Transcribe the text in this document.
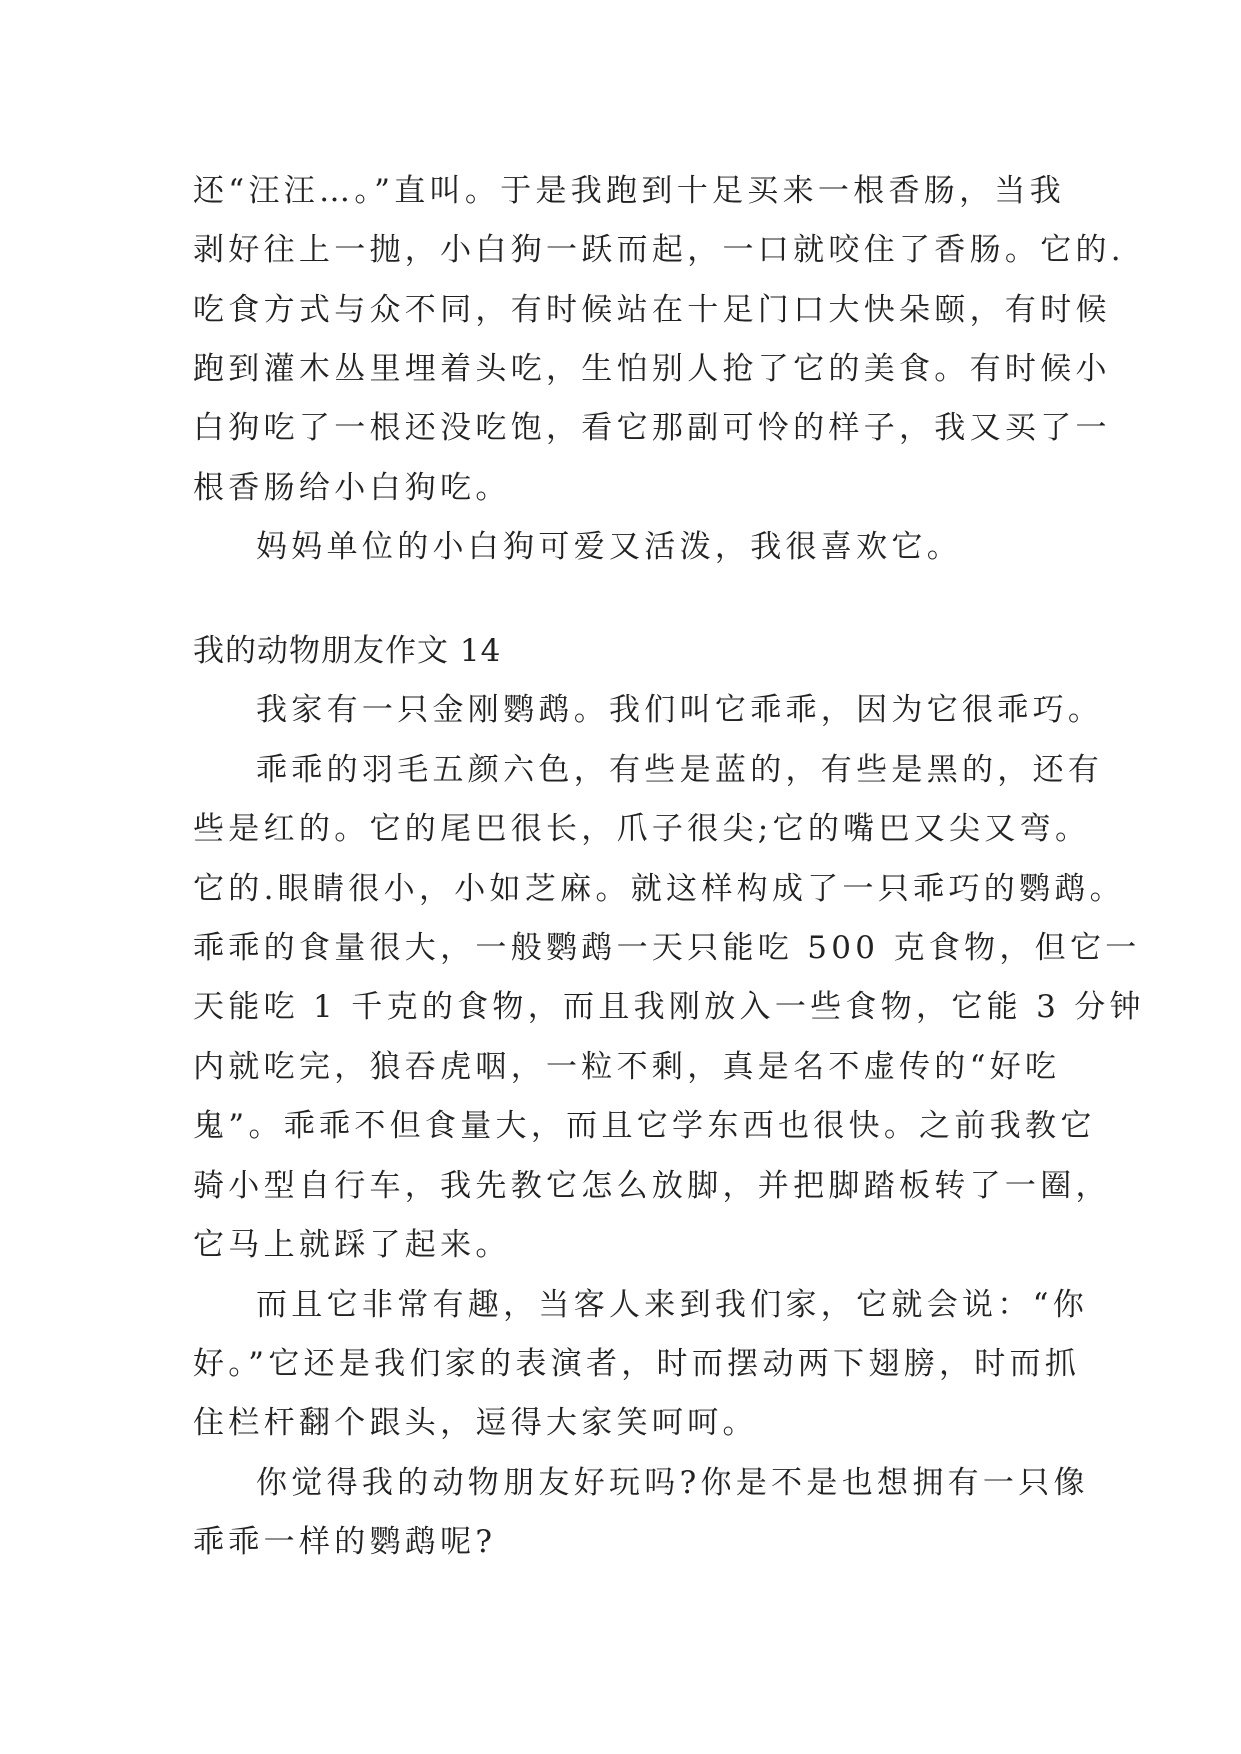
还“汪汪…。”直叫。于是我跑到十足买来一根香肠，当我
剥好往上一抛，小白狗一跃而起，一口就咬住了香肠。它的.
吃食方式与众不同，有时候站在十足门口大快朵颐，有时候
跑到灌木丛里埋着头吃，生怕别人抢了它的美食。有时候小
白狗吃了一根还没吃饱，看它那副可怜的样子，我又买了一
根香肠给小白狗吃。
妈妈单位的小白狗可爱又活泼，我很喜欢它。
我的动物朋友作文 14
我家有一只金刚鹦鹉。我们叫它乖乖，因为它很乖巧。
乖乖的羽毛五颜六色，有些是蓝的，有些是黑的，还有
些是红的。它的尾巴很长，爪子很尖;它的嘴巴又尖又弯。
它的.眼睛很小，小如芝麻。就这样构成了一只乖巧的鹦鹉。
乖乖的食量很大，一般鹦鹉一天只能吃 500 克食物，但它一
天能吃 1 千克的食物，而且我刚放入一些食物，它能 3 分钟
内就吃完，狼吞虎咽，一粒不剩，真是名不虚传的“好吃
鬼”。乖乖不但食量大，而且它学东西也很快。之前我教它
骑小型自行车，我先教它怎么放脚，并把脚踏板转了一圈，
它马上就踩了起来。
而且它非常有趣，当客人来到我们家，它就会说：“你
好。”它还是我们家的表演者，时而摆动两下翅膀，时而抓
住栏杆翻个跟头，逗得大家笑呵呵。
你觉得我的动物朋友好玩吗?你是不是也想拥有一只像
乖乖一样的鹦鹉呢?
